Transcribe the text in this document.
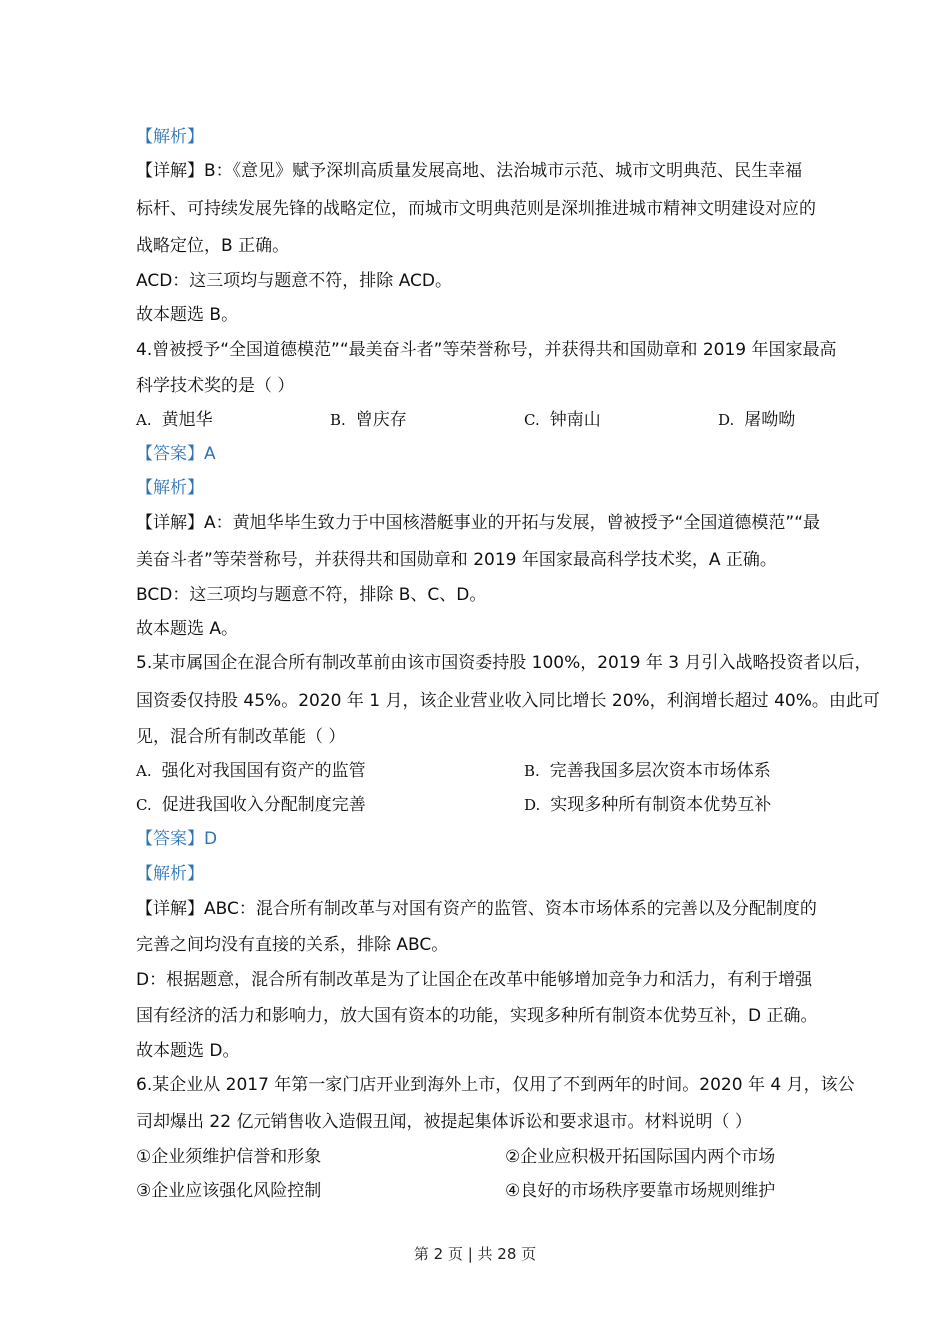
【解析】
【详解】B：《意见》赋予深圳高质量发展高地、法治城市示范、城市文明典范、民生幸福
标杆、可持续发展先锋的战略定位，而城市文明典范则是深圳推进城市精神文明建设对应的
战略定位，B 正确。
ACD：这三项均与题意不符，排除 ACD。
故本题选 B。
4.曾被授予“全国道德模范”“最美奋斗者”等荣誉称号，并获得共和国勋章和 2019 年国家最高
科学技术奖的是（ ）
A. 黄旭华	B. 曾庆存	C. 钟南山	D. 屠呦呦
【答案】A
【解析】
【详解】A：黄旭华毕生致力于中国核潜艇事业的开拓与发展，曾被授予“全国道德模范”“最
美奋斗者”等荣誉称号，并获得共和国勋章和 2019 年国家最高科学技术奖，A 正确。
BCD：这三项均与题意不符，排除 B、C、D。
故本题选 A。
5.某市属国企在混合所有制改革前由该市国资委持股 100%，2019 年 3 月引入战略投资者以后，
国资委仅持股 45%。2020 年 1 月，该企业营业收入同比增长 20%，利润增长超过 40%。由此可
见，混合所有制改革能（ ）
A. 强化对我国国有资产的监管	B. 完善我国多层次资本市场体系
C. 促进我国收入分配制度完善	D. 实现多种所有制资本优势互补
【答案】D
【解析】
【详解】ABC：混合所有制改革与对国有资产的监管、资本市场体系的完善以及分配制度的
完善之间均没有直接的关系，排除 ABC。
D：根据题意，混合所有制改革是为了让国企在改革中能够增加竞争力和活力，有利于增强
国有经济的活力和影响力，放大国有资本的功能，实现多种所有制资本优势互补，D 正确。
故本题选 D。
6.某企业从 2017 年第一家门店开业到海外上市，仅用了不到两年的时间。2020 年 4 月，该公
司却爆出 22 亿元销售收入造假丑闻，被提起集体诉讼和要求退市。材料说明（ ）
①企业须维护信誉和形象	②企业应积极开拓国际国内两个市场
③企业应该强化风险控制	④良好的市场秩序要靠市场规则维护
第 2 页 | 共 28 页
